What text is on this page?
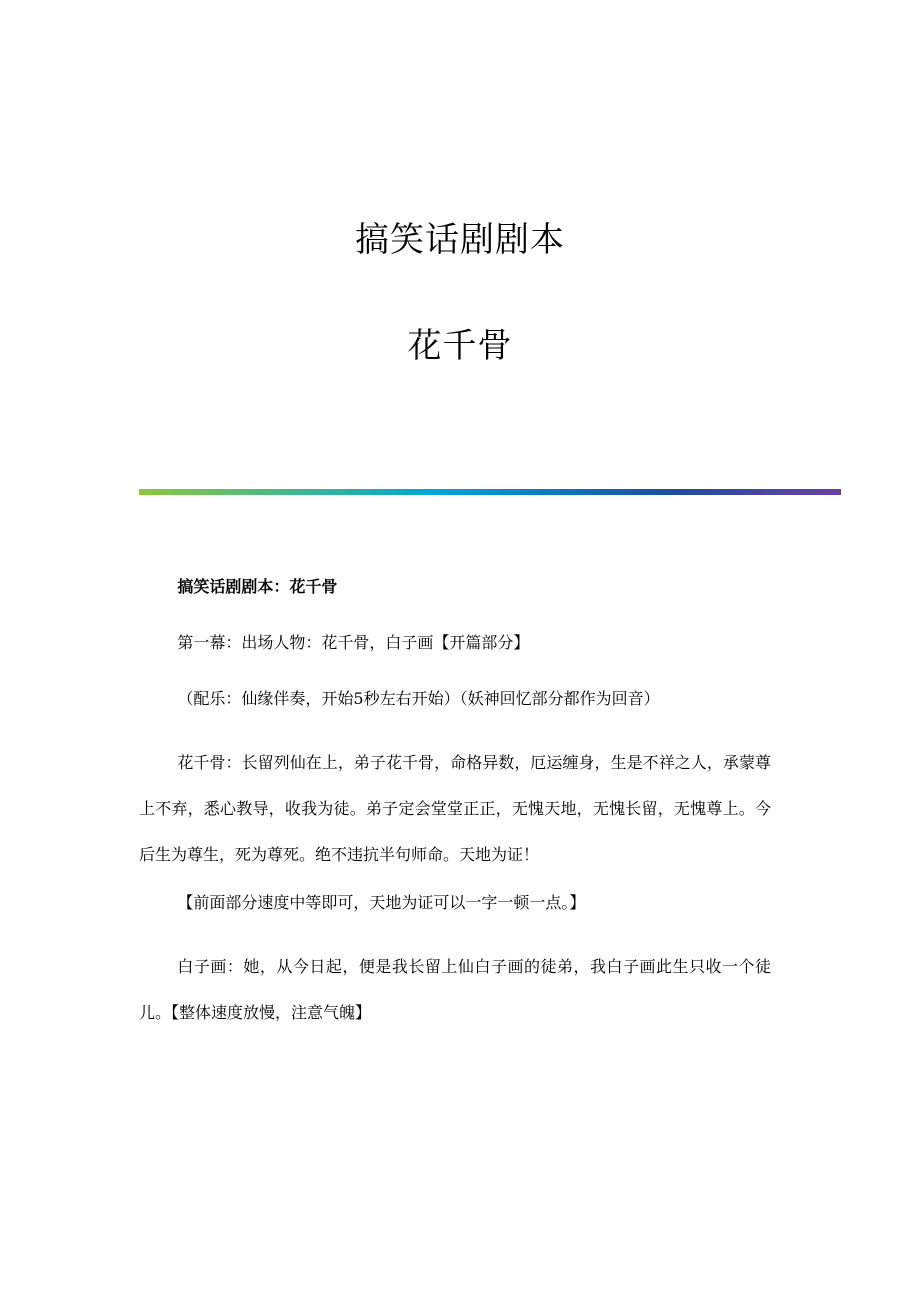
搞笑话剧剧本
花千骨

搞笑话剧剧本：花千骨

第一幕：出场人物：花千骨，白子画【开篇部分】

（配乐：仙缘伴奏，开始5秒左右开始）（妖神回忆部分都作为回音）

花千骨：长留列仙在上，弟子花千骨，命格异数，厄运缠身，生是不祥之人，承蒙尊上不弃，悉心教导，收我为徒。弟子定会堂堂正正，无愧天地，无愧长留，无愧尊上。今后生为尊生，死为尊死。绝不违抗半句师命。天地为证！

【前面部分速度中等即可，天地为证可以一字一顿一点。】

白子画：她，从今日起，便是我长留上仙白子画的徒弟，我白子画此生只收一个徒儿。【整体速度放慢，注意气魄】
